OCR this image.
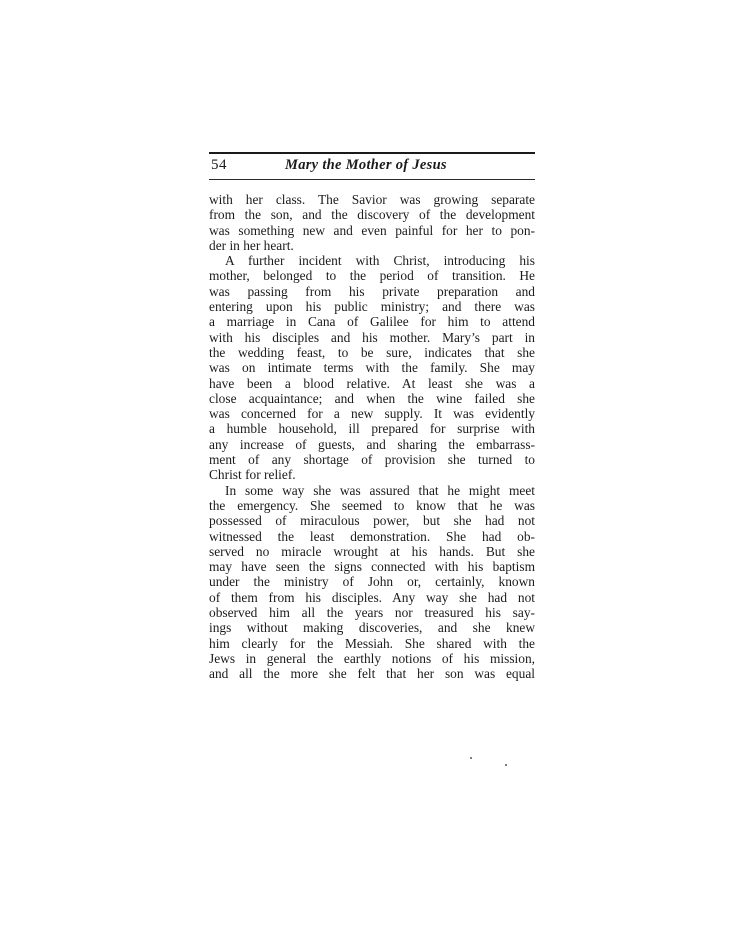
54	Mary the Mother of Jesus
with her class. The Savior was growing separate
from the son, and the discovery of the development
was something new and even painful for her to pon-
der in her heart.
A further incident with Christ, introducing his
mother, belonged to the period of transition. He
was passing from his private preparation and
entering upon his public ministry; and there was
a marriage in Cana of Galilee for him to attend
with his disciples and his mother. Mary’s part in
the wedding feast, to be sure, indicates that she
was on intimate terms with the family. She may
have been a blood relative. At least she was a
close acquaintance; and when the wine failed she
was concerned for a new supply. It was evidently
a humble household, ill prepared for surprise with
any increase of guests, and sharing the embarrass-
ment of any shortage of provision she turned to
Christ for relief.
In some way she was assured that he might meet
the emergency. She seemed to know that he was
possessed of miraculous power, but she had not
witnessed the least demonstration. She had ob-
served no miracle wrought at his hands. But she
may have seen the signs connected with his baptism
under the ministry of John or, certainly, known
of them from his disciples. Any way she had not
observed him all the years nor treasured his say-
ings without making discoveries, and she knew
him clearly for the Messiah. She shared with the
Jews in general the earthly notions of his mission,
and all the more she felt that her son was equal
